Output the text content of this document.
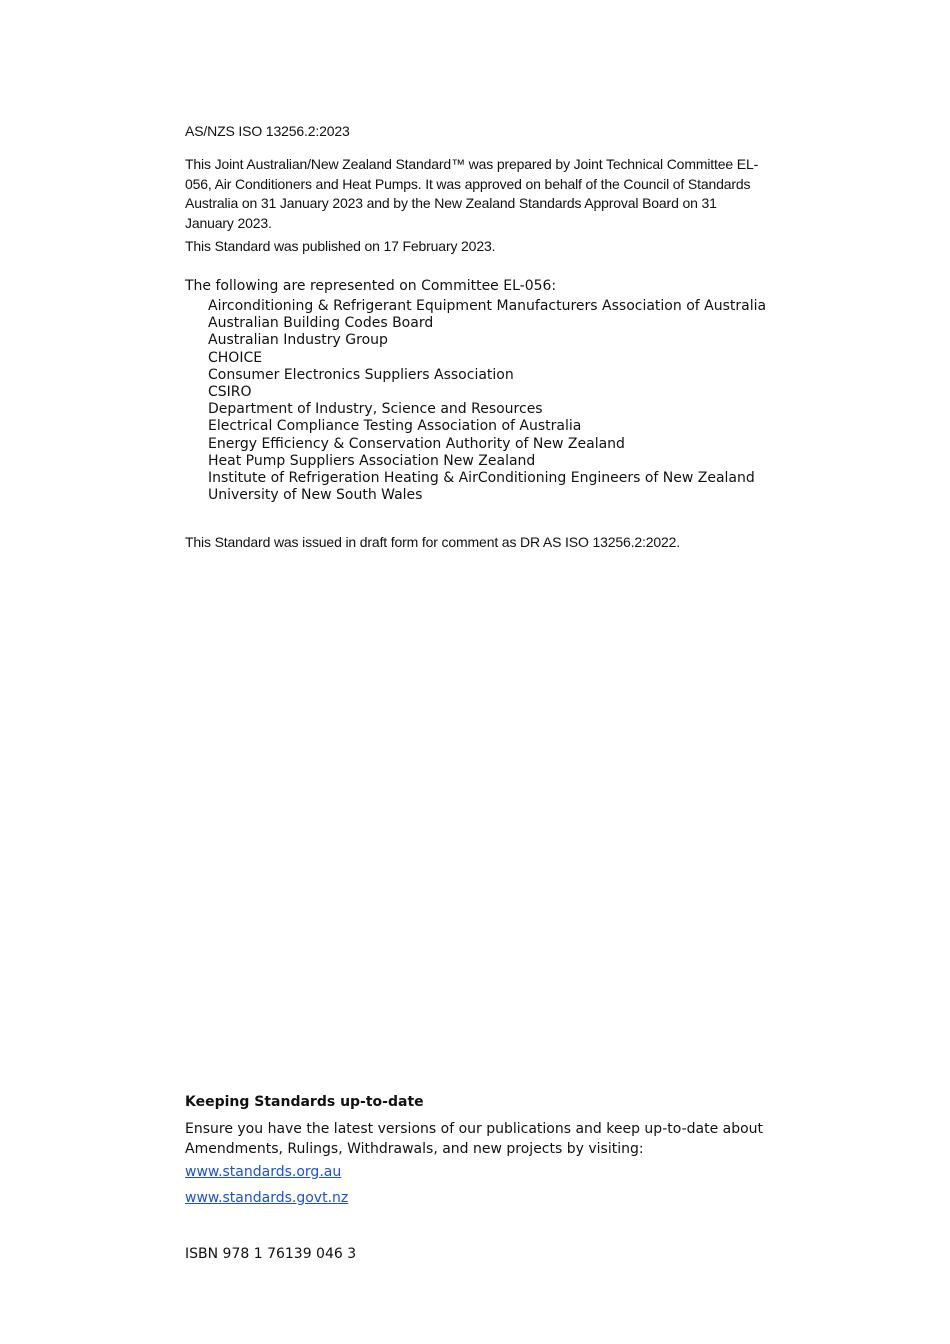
AS/NZS ISO 13256.2:2023
This Joint Australian/New Zealand Standard™ was prepared by Joint Technical Committee EL-056, Air Conditioners and Heat Pumps. It was approved on behalf of the Council of Standards Australia on 31 January 2023 and by the New Zealand Standards Approval Board on 31 January 2023.
This Standard was published on 17 February 2023.
The following are represented on Committee EL-056:
Airconditioning & Refrigerant Equipment Manufacturers Association of Australia
Australian Building Codes Board
Australian Industry Group
CHOICE
Consumer Electronics Suppliers Association
CSIRO
Department of Industry, Science and Resources
Electrical Compliance Testing Association of Australia
Energy Efficiency & Conservation Authority of New Zealand
Heat Pump Suppliers Association New Zealand
Institute of Refrigeration Heating & AirConditioning Engineers of New Zealand
University of New South Wales
This Standard was issued in draft form for comment as DR AS ISO 13256.2:2022.
Keeping Standards up-to-date
Ensure you have the latest versions of our publications and keep up-to-date about Amendments, Rulings, Withdrawals, and new projects by visiting:
www.standards.org.au
www.standards.govt.nz
ISBN 978 1 76139 046 3
